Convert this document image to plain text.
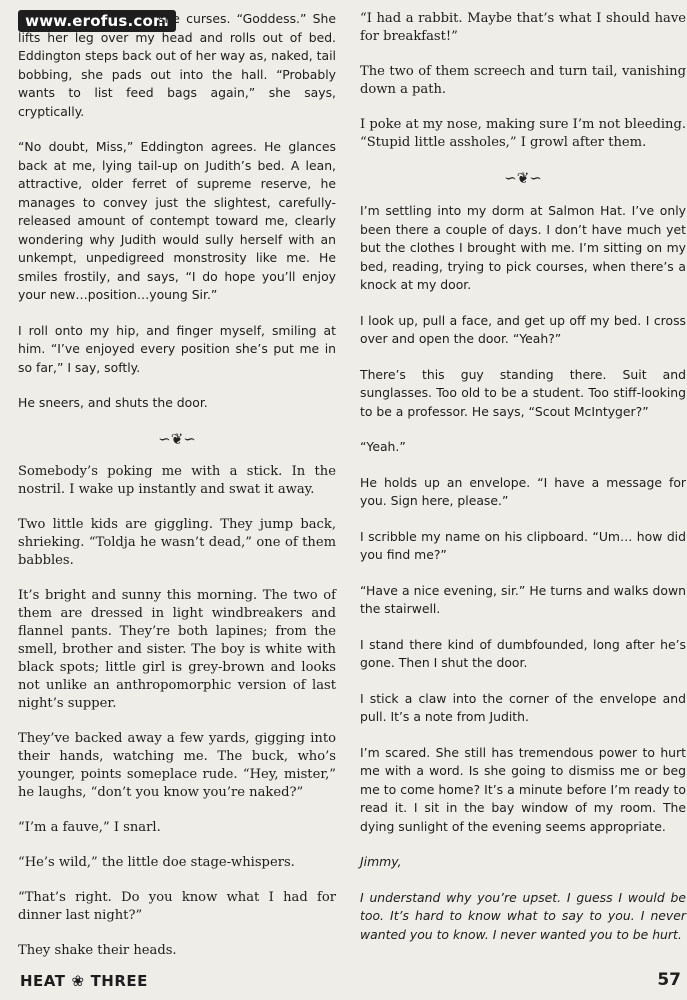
www.erofus.com

she curses. “Goddess.” She lifts her leg over my head and rolls out of bed. Eddington steps back out of her way as, naked, tail bobbing, she pads out into the hall. “Probably wants to list feed bags again,” she says, cryptically.

“No doubt, Miss,” Eddington agrees. He glances back at me, lying tail-up on Judith’s bed. A lean, attractive, older ferret of supreme reserve, he manages to convey just the slightest, carefully-released amount of contempt toward me, clearly wondering why Judith would sully herself with an unkempt, unpedigreed monstrosity like me. He smiles frostily, and says, “I do hope you’ll enjoy your new…position…young Sir.”

I roll onto my hip, and finger myself, smiling at him. “I’ve enjoyed every position she’s put me in so far,” I say, softly.

He sneers, and shuts the door.

∽❦∽

Somebody’s poking me with a stick. In the nostril. I wake up instantly and swat it away.

Two little kids are giggling. They jump back, shrieking. “Toldja he wasn’t dead,” one of them babbles.

It’s bright and sunny this morning. The two of them are dressed in light windbreakers and flannel pants. They’re both lapines; from the smell, brother and sister. The boy is white with black spots; little girl is grey-brown and looks not unlike an anthropomorphic version of last night’s supper.

They’ve backed away a few yards, gigging into their hands, watching me. The buck, who’s younger, points someplace rude. “Hey, mister,” he laughs, “don’t you know you’re naked?”

“I’m a fauve,” I snarl.

“He’s wild,” the little doe stage-whispers.

“That’s right. Do you know what I had for dinner last night?”

They shake their heads.

“I had a rabbit. Maybe that’s what I should have for breakfast!”

The two of them screech and turn tail, vanishing down a path.

I poke at my nose, making sure I’m not bleeding. “Stupid little assholes,” I growl after them.

∽❦∽

I’m settling into my dorm at Salmon Hat. I’ve only been there a couple of days. I don’t have much yet but the clothes I brought with me. I’m sitting on my bed, reading, trying to pick courses, when there’s a knock at my door.

I look up, pull a face, and get up off my bed. I cross over and open the door. “Yeah?”

There’s this guy standing there. Suit and sunglasses. Too old to be a student. Too stiff-looking to be a professor. He says, “Scout McIntyger?”

“Yeah.”

He holds up an envelope. “I have a message for you. Sign here, please.”

I scribble my name on his clipboard. “Um… how did you find me?”

“Have a nice evening, sir.” He turns and walks down the stairwell.

I stand there kind of dumbfounded, long after he’s gone. Then I shut the door.

I stick a claw into the corner of the envelope and pull. It’s a note from Judith.

I’m scared. She still has tremendous power to hurt me with a word. Is she going to dismiss me or beg me to come home? It’s a minute before I’m ready to read it. I sit in the bay window of my room. The dying sunlight of the evening seems appropriate.

Jimmy,

I understand why you’re upset. I guess I would be too. It’s hard to know what to say to you. I never wanted you to know. I never wanted you to be hurt.

HEAT ❀ THREE	57
